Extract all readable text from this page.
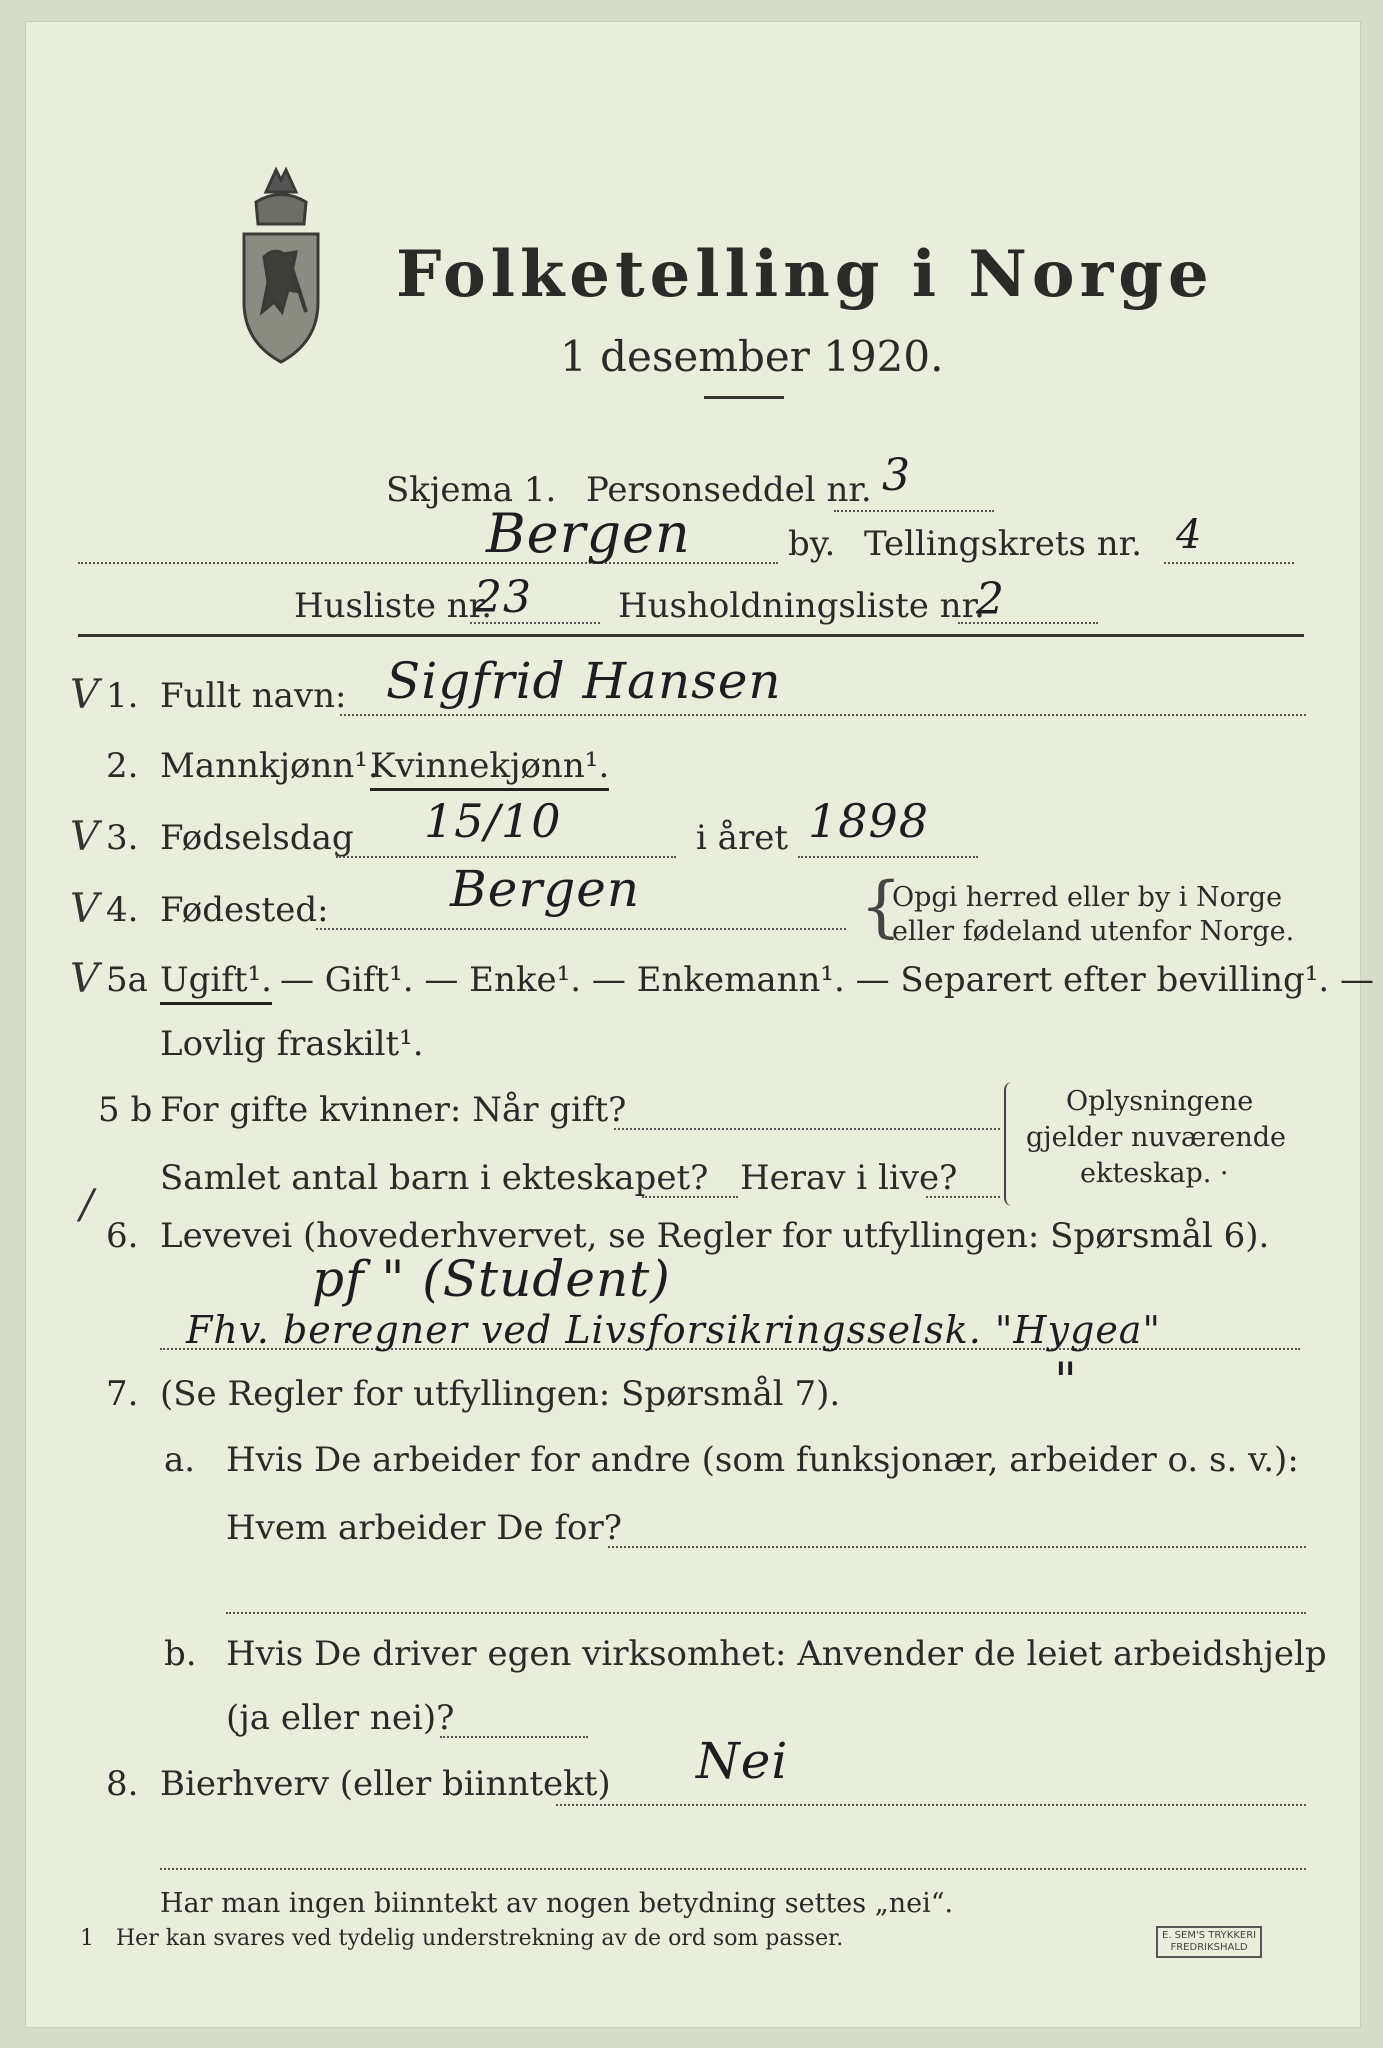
Folketelling i Norge
1 desember 1920.
Skjema 1. Personseddel nr. 3
Bergen	by. Tellingskrets nr. 4
Husliste nr.
23	Husholdningsliste nr.
2
V 1. Fullt navn: Sigfrid Hansen
2. Mannkjønn¹.
Kvinnekjønn¹.
V 3. Fødselsdag 15/10	i året 1898
V 4. Fødested: Bergen	{
Opgi herred eller by i Norge
eller fødeland utenfor Norge.
V 5a Ugift¹. — Gift¹. — Enke¹. — Enkemann¹. — Separert efter bevilling¹. —
Lovlig fraskilt¹.
5 b For gifte kvinner: Når gift?
Samlet antal barn i ekteskapet? Herav i live?
Oplysningene
gjelder nuværende
ekteskap. ·
/
6. Levevei (hovederhvervet, se Regler for utfyllingen: Spørsmål 6).
pf " (Student)
Fhv. beregner ved Livsforsikringsselsk. "Hygea"
7. (Se Regler for utfyllingen: Spørsmål 7).	"
a. Hvis De arbeider for andre (som funksjonær, arbeider o. s. v.):
Hvem arbeider De for?
b. Hvis De driver egen virksomhet: Anvender de leiet arbeidshjelp
(ja eller nei)?
8. Bierhverv (eller biinntekt) Nei
Har man ingen biinntekt av nogen betydning settes „nei“.
1 Her kan svares ved tydelig understrekning av de ord som passer.	E. SEM'S TRYKKERI
FREDRIKSHALD
